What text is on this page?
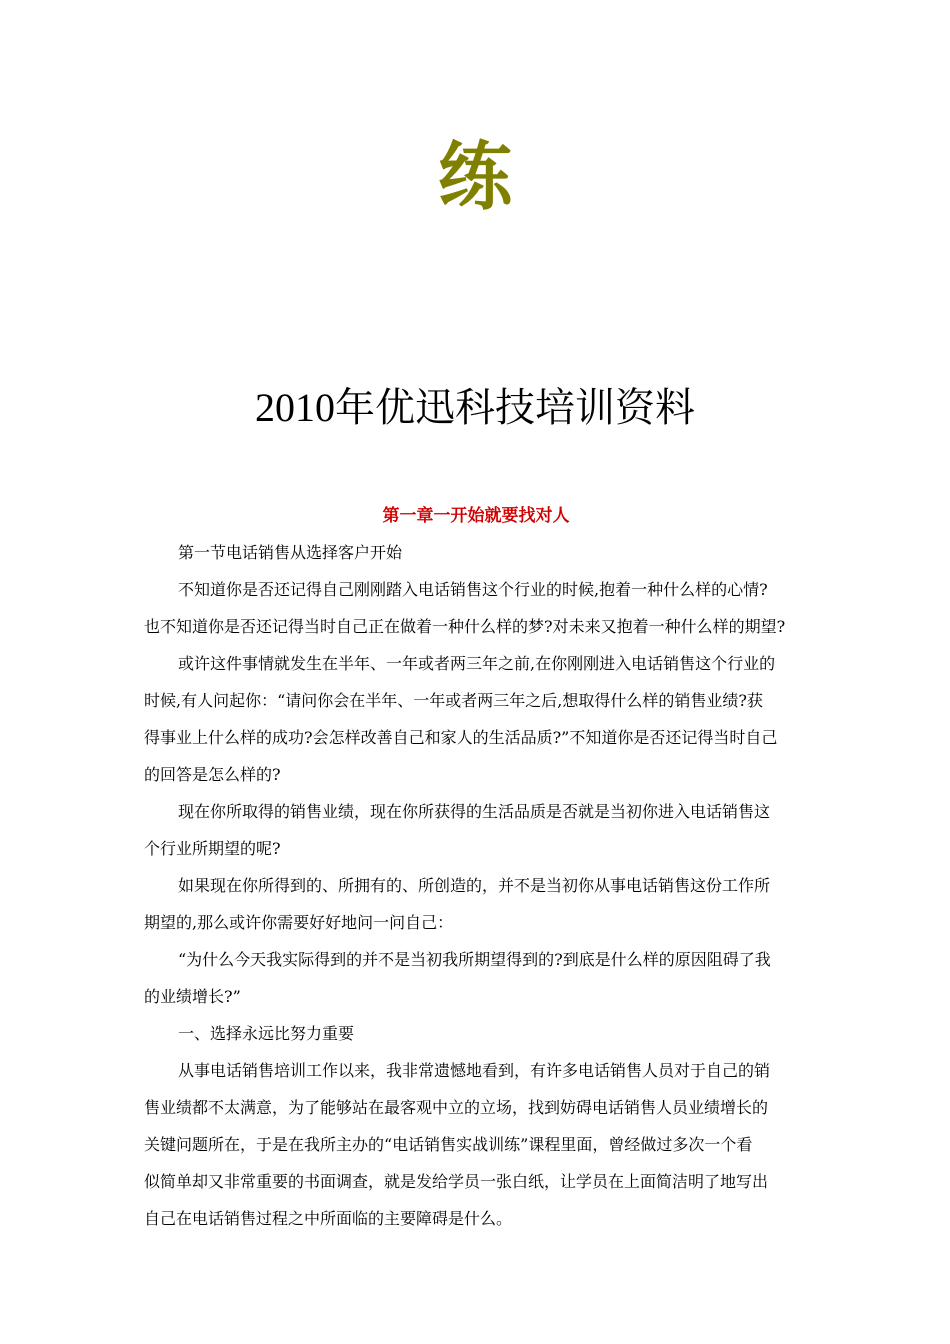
练
2010年优迅科技培训资料
第一章一开始就要找对人

第一节电话销售从选择客户开始

不知道你是否还记得自己刚刚踏入电话销售这个行业的时候,抱着一种什么样的心情?
也不知道你是否还记得当时自己正在做着一种什么样的梦?对未来又抱着一种什么样的期望?

或许这件事情就发生在半年、一年或者两三年之前,在你刚刚进入电话销售这个行业的
时候,有人问起你：“请问你会在半年、一年或者两三年之后,想取得什么样的销售业绩?获
得事业上什么样的成功?会怎样改善自己和家人的生活品质?”不知道你是否还记得当时自己
的回答是怎么样的?

现在你所取得的销售业绩，现在你所获得的生活品质是否就是当初你进入电话销售这
个行业所期望的呢?

如果现在你所得到的、所拥有的、所创造的，并不是当初你从事电话销售这份工作所
期望的,那么或许你需要好好地问一问自己：

“为什么今天我实际得到的并不是当初我所期望得到的?到底是什么样的原因阻碍了我
的业绩增长?”

一、选择永远比努力重要

从事电话销售培训工作以来，我非常遗憾地看到，有许多电话销售人员对于自己的销
售业绩都不太满意，为了能够站在最客观中立的立场，找到妨碍电话销售人员业绩增长的
关键问题所在，于是在我所主办的“电话销售实战训练”课程里面，曾经做过多次一个看
似简单却又非常重要的书面调查，就是发给学员一张白纸，让学员在上面简洁明了地写出
自己在电话销售过程之中所面临的主要障碍是什么。
